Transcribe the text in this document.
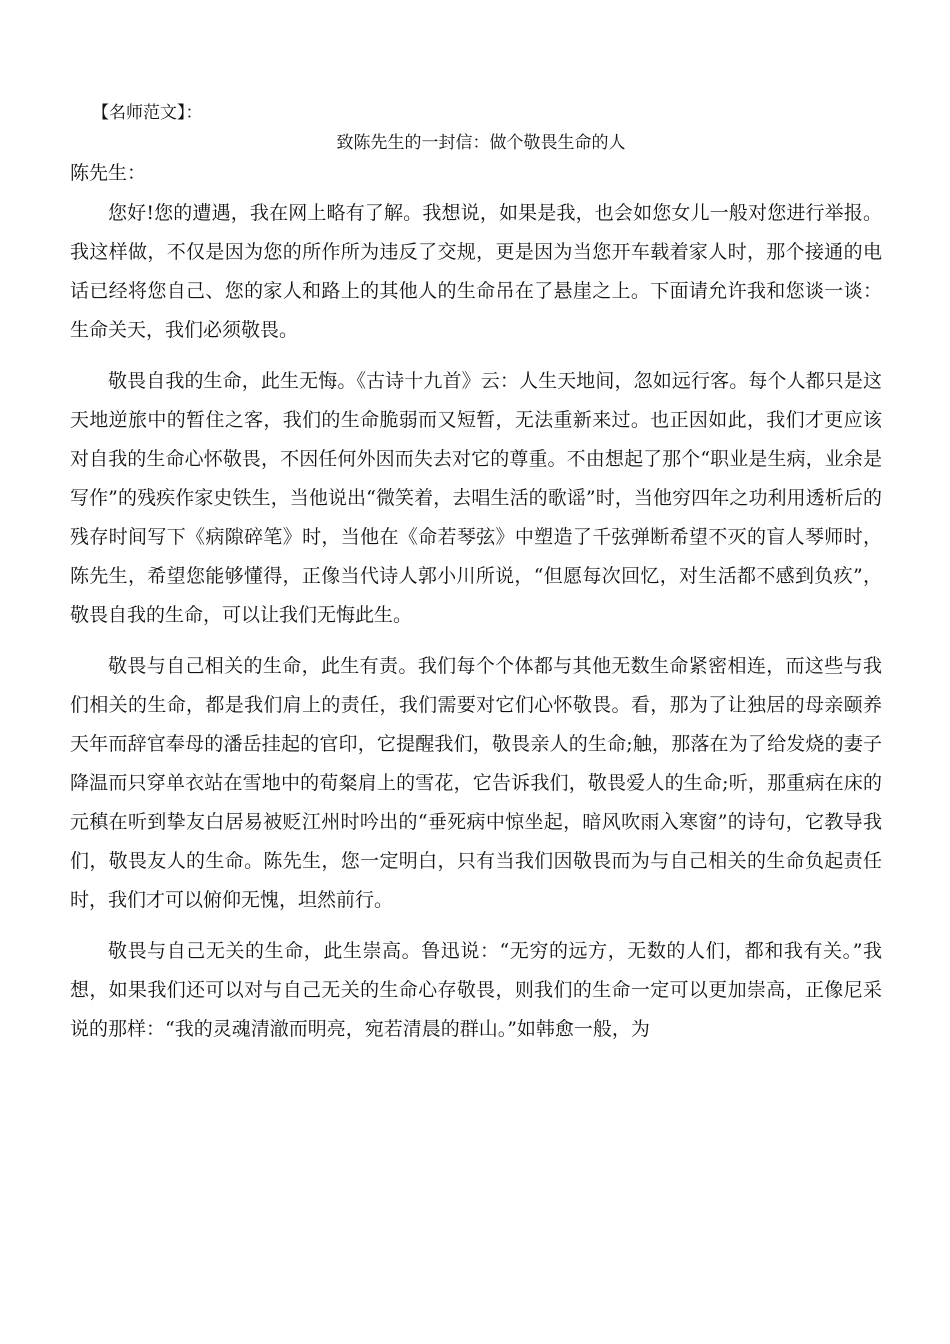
【名师范文】：
致陈先生的一封信：做个敬畏生命的人
陈先生：

您好!您的遭遇，我在网上略有了解。我想说，如果是我，也会如您女儿一般对您进行举报。我这样做，不仅是因为您的所作所为违反了交规，更是因为当您开车载着家人时，那个接通的电话已经将您自己、您的家人和路上的其他人的生命吊在了悬崖之上。下面请允许我和您谈一谈：生命关天，我们必须敬畏。

敬畏自我的生命，此生无悔。《古诗十九首》云：人生天地间，忽如远行客。每个人都只是这天地逆旅中的暂住之客，我们的生命脆弱而又短暂，无法重新来过。也正因如此，我们才更应该对自我的生命心怀敬畏，不因任何外因而失去对它的尊重。不由想起了那个“职业是生病，业余是写作”的残疾作家史铁生，当他说出“微笑着，去唱生活的歌谣”时，当他穷四年之功利用透析后的残存时间写下《病隙碎笔》时，当他在《命若琴弦》中塑造了千弦弹断希望不灭的盲人琴师时，陈先生，希望您能够懂得，正像当代诗人郭小川所说，“但愿每次回忆，对生活都不感到负疚”，敬畏自我的生命，可以让我们无悔此生。

敬畏与自己相关的生命，此生有责。我们每个个体都与其他无数生命紧密相连，而这些与我们相关的生命，都是我们肩上的责任，我们需要对它们心怀敬畏。看，那为了让独居的母亲颐养天年而辞官奉母的潘岳挂起的官印，它提醒我们，敬畏亲人的生命;触，那落在为了给发烧的妻子降温而只穿单衣站在雪地中的荀粲肩上的雪花，它告诉我们，敬畏爱人的生命;听，那重病在床的元稹在听到挚友白居易被贬江州时吟出的“垂死病中惊坐起，暗风吹雨入寒窗”的诗句，它教导我们，敬畏友人的生命。陈先生，您一定明白，只有当我们因敬畏而为与自己相关的生命负起责任时，我们才可以俯仰无愧，坦然前行。

敬畏与自己无关的生命，此生崇高。鲁迅说：“无穷的远方，无数的人们，都和我有关。”我想，如果我们还可以对与自己无关的生命心存敬畏，则我们的生命一定可以更加崇高，正像尼采说的那样：“我的灵魂清澈而明亮，宛若清晨的群山。”如韩愈一般，为
